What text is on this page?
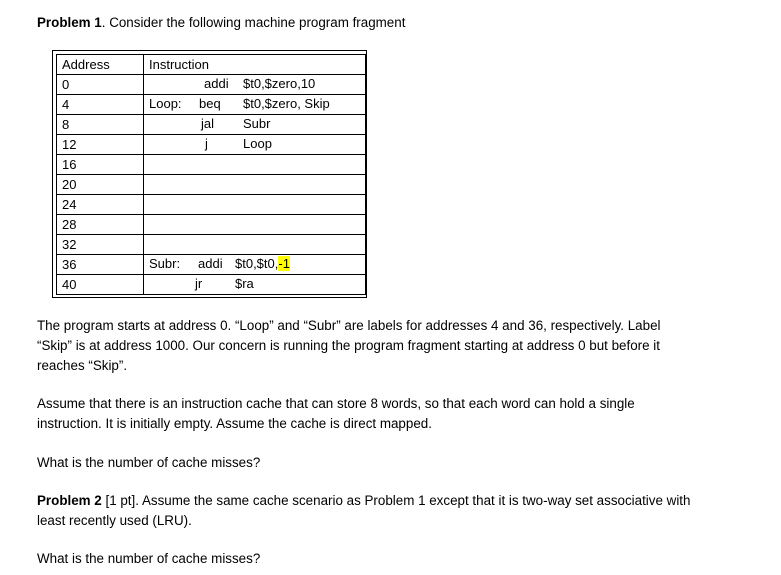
Problem 1. Consider the following machine program fragment

Address	Instruction
0	addi $t0,$zero,10

4	Loop: beq $t0,$zero, Skip

8	jal Subr

12	j Loop

16	
20	
24	
28	
32	
36	Subr: addi $t0,$t0,-1

40	jr $ra

The program starts at address 0. “Loop” and “Subr” are labels for addresses 4 and 36, respectively. Label

“Skip” is at address 1000. Our concern is running the program fragment starting at address 0 but before it

reaches “Skip”.

Assume that there is an instruction cache that can store 8 words, so that each word can hold a single

instruction. It is initially empty. Assume the cache is direct mapped.

What is the number of cache misses?

Problem 2 [1 pt]. Assume the same cache scenario as Problem 1 except that it is two-way set associative with

least recently used (LRU).

What is the number of cache misses?
